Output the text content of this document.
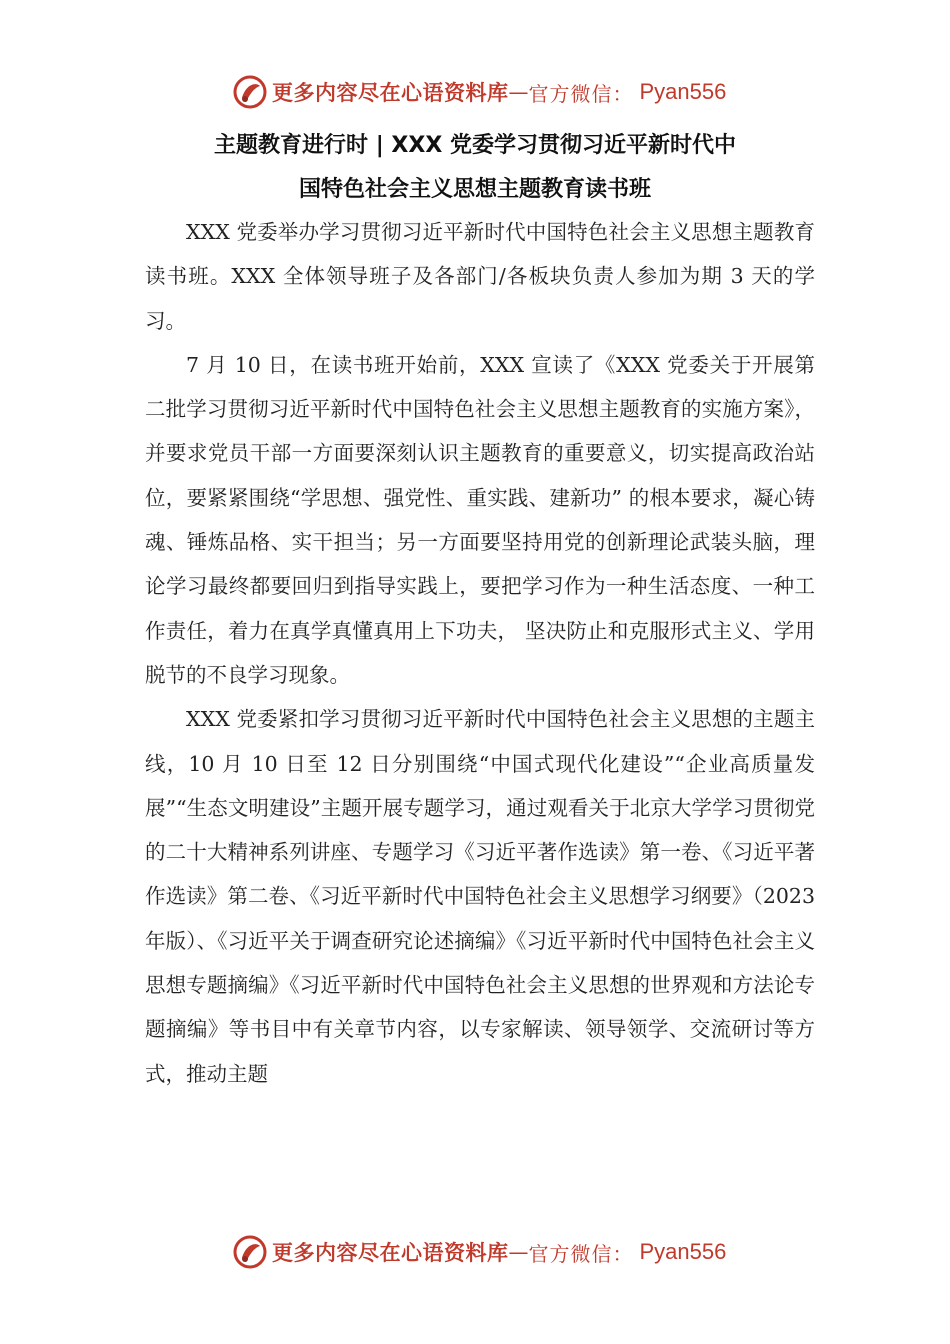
更多内容尽在心语资料库 — 官方微信： Pyan556
主题教育进行时 | XXX 党委学习贯彻习近平新时代中
国特色社会主义思想主题教育读书班

XXX 党委举办学习贯彻习近平新时代中国特色社会主义思想主题教育读书班。XXX 全体领导班子及各部门/各板块负责人参加为期 3 天的学习。

7 月 10 日，在读书班开始前，XXX 宣读了《XXX 党委关于开展第二批学习贯彻习近平新时代中国特色社会主义思想主题教育的实施方案》，并要求党员干部一方面要深刻认识主题教育的重要意义，切实提高政治站位，要紧紧围绕“学思想、强党性、重实践、建新功” 的根本要求，凝心铸魂、锤炼品格、实干担当；另一方面要坚持用党的创新理论武装头脑，理论学习最终都要回归到指导实践上，要把学习作为一种生活态度、一种工作责任，着力在真学真懂真用上下功夫， 坚决防止和克服形式主义、学用脱节的不良学习现象。

XXX 党委紧扣学习贯彻习近平新时代中国特色社会主义思想的主题主线，10 月 10 日至 12 日分别围绕“中国式现代化建设”“企业高质量发展”“生态文明建设”主题开展专题学习，通过观看关于北京大学学习贯彻党的二十大精神系列讲座、专题学习《习近平著作选读》第一卷、《习近平著作选读》第二卷、《习近平新时代中国特色社会主义思想学习纲要》（2023 年版）、《习近平关于调查研究论述摘编》《习近平新时代中国特色社会主义思想专题摘编》《习近平新时代中国特色社会主义思想的世界观和方法论专题摘编》等书目中有关章节内容，以专家解读、领导领学、交流研讨等方式，推动主题

更多内容尽在心语资料库 — 官方微信： Pyan556
